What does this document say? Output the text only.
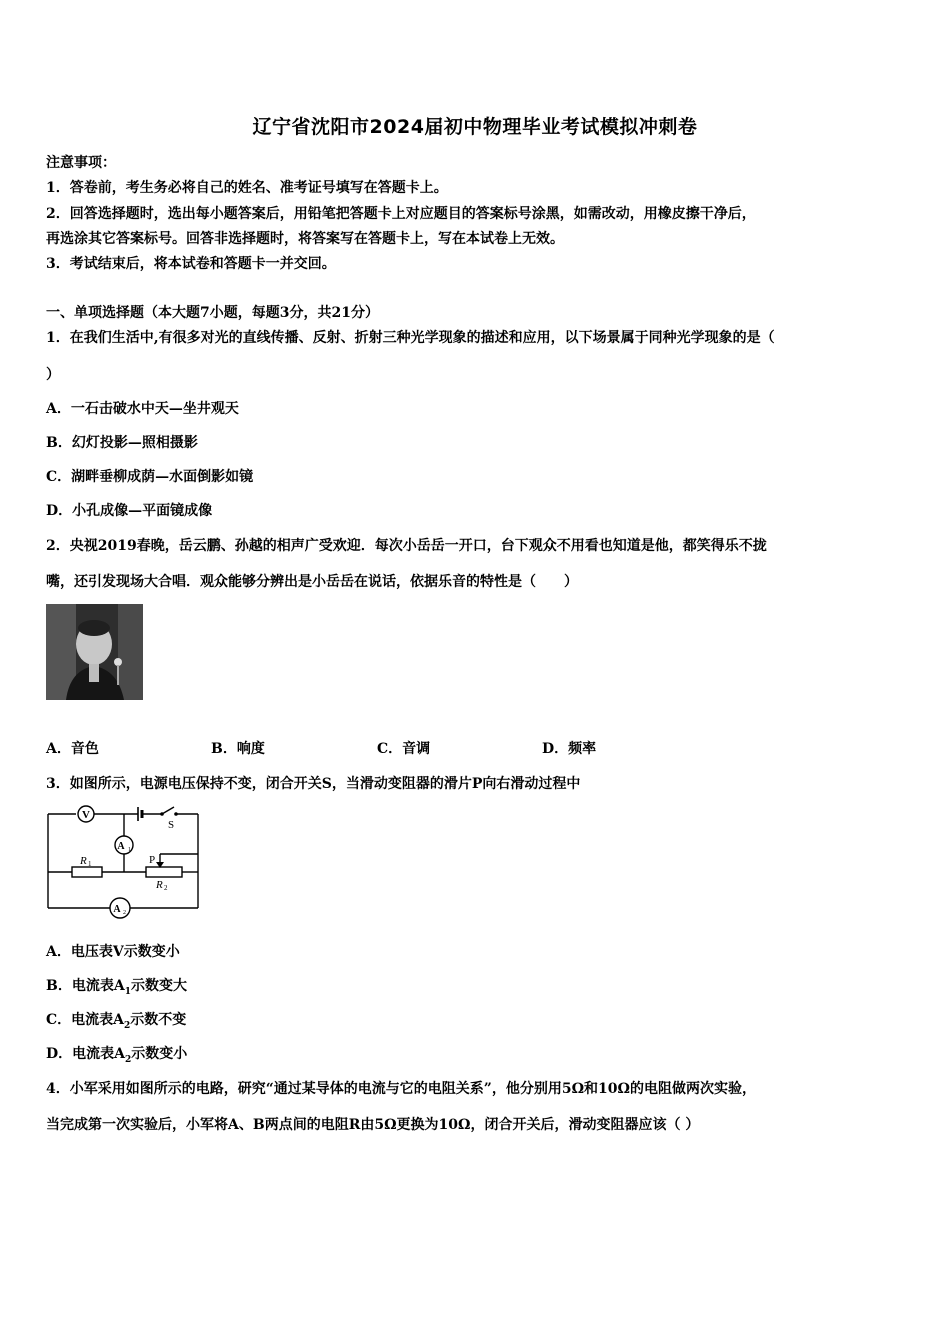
辽宁省沈阳市2024届初中物理毕业考试模拟冲刺卷
注意事项：
1．答卷前，考生务必将自己的姓名、准考证号填写在答题卡上。
2．回答选择题时，选出每小题答案后，用铅笔把答题卡上对应题目的答案标号涂黑，如需改动，用橡皮擦干净后，
再选涂其它答案标号。回答非选择题时，将答案写在答题卡上，写在本试卷上无效。
3．考试结束后，将本试卷和答题卡一并交回。
一、单项选择题（本大题7小题，每题3分，共21分）
1．在我们生活中,有很多对光的直线传播、反射、折射三种光学现象的描述和应用，以下场景属于同种光学现象的是（
）
A．一石击破水中天—坐井观天
B．幻灯投影—照相摄影
C．湖畔垂柳成荫—水面倒影如镜
D．小孔成像—平面镜成像
2．央视2019春晚，岳云鹏、孙越的相声广受欢迎．每次小岳岳一开口，台下观众不用看也知道是他，都笑得乐不拢
嘴，还引发现场大合唱．观众能够分辨出是小岳岳在说话，依据乐音的特性是（　　）
A．音色	B．响度	C．音调	D．频率
3．如图所示，电源电压保持不变，闭合开关S，当滑动变阻器的滑片P向右滑动过程中
V
A 1
A 2
S
R 1
R 2
P
A．电压表V示数变小
B．电流表$A_1$示数变大
C．电流表$A_2$示数不变
D．电流表$A_2$示数变小
4．小军采用如图所示的电路，研究“通过某导体的电流与它的电阻关系”，他分别用5Ω和10Ω的电阻做两次实验，
当完成第一次实验后，小军将A、B两点间的电阻R由5Ω更换为10Ω，闭合开关后，滑动变阻器应该（ ）
